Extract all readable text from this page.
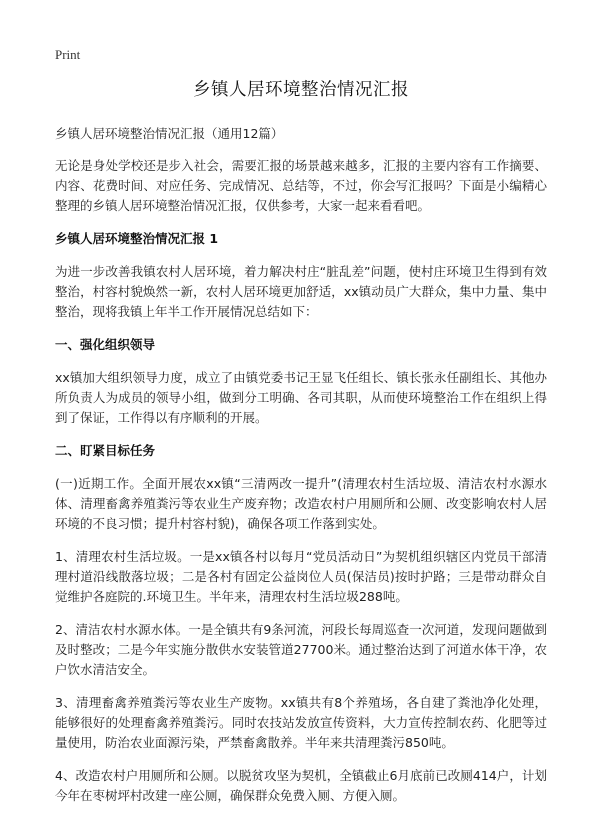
Print
乡镇人居环境整治情况汇报
乡镇人居环境整治情况汇报（通用12篇）

无论是身处学校还是步入社会，需要汇报的场景越来越多，汇报的主要内容有工作摘要、内容、花费时间、对应任务、完成情况、总结等，不过，你会写汇报吗？下面是小编精心整理的乡镇人居环境整治情况汇报，仅供参考，大家一起来看看吧。

乡镇人居环境整治情况汇报 1

为进一步改善我镇农村人居环境，着力解决村庄“脏乱差”问题，使村庄环境卫生得到有效整治，村容村貌焕然一新，农村人居环境更加舒适，xx镇动员广大群众，集中力量、集中整治，现将我镇上年半工作开展情况总结如下：

一、强化组织领导

xx镇加大组织领导力度，成立了由镇党委书记王显飞任组长、镇长张永任副组长、其他办所负责人为成员的领导小组，做到分工明确、各司其职，从而使环境整治工作在组织上得到了保证，工作得以有序顺利的开展。

二、盯紧目标任务

(一)近期工作。全面开展农xx镇“三清两改一提升”(清理农村生活垃圾、清洁农村水源水体、清理畜禽养殖粪污等农业生产废弃物；改造农村户用厕所和公厕、改变影响农村人居环境的不良习惯；提升村容村貌)，确保各项工作落到实处。

1、清理农村生活垃圾。一是xx镇各村以每月“党员活动日”为契机组织辖区内党员干部清理村道沿线散落垃圾；二是各村有固定公益岗位人员(保洁员)按时护路；三是带动群众自觉维护各庭院的.环境卫生。半年来，清理农村生活垃圾288吨。

2、清洁农村水源水体。一是全镇共有9条河流，河段长每周巡查一次河道，发现问题做到及时整改；二是今年实施分散供水安装管道27700米。通过整治达到了河道水体干净，农户饮水清洁安全。

3、清理畜禽养殖粪污等农业生产废物。xx镇共有8个养殖场，各自建了粪池净化处理，能够很好的处理畜禽养殖粪污。同时农技站发放宣传资料，大力宣传控制农药、化肥等过量使用，防治农业面源污染，严禁畜禽散养。半年来共清理粪污850吨。

4、改造农村户用厕所和公厕。以脱贫攻坚为契机，全镇截止6月底前已改厕414户，计划今年在枣树坪村改建一座公厕，确保群众免费入厕、方便入厕。
